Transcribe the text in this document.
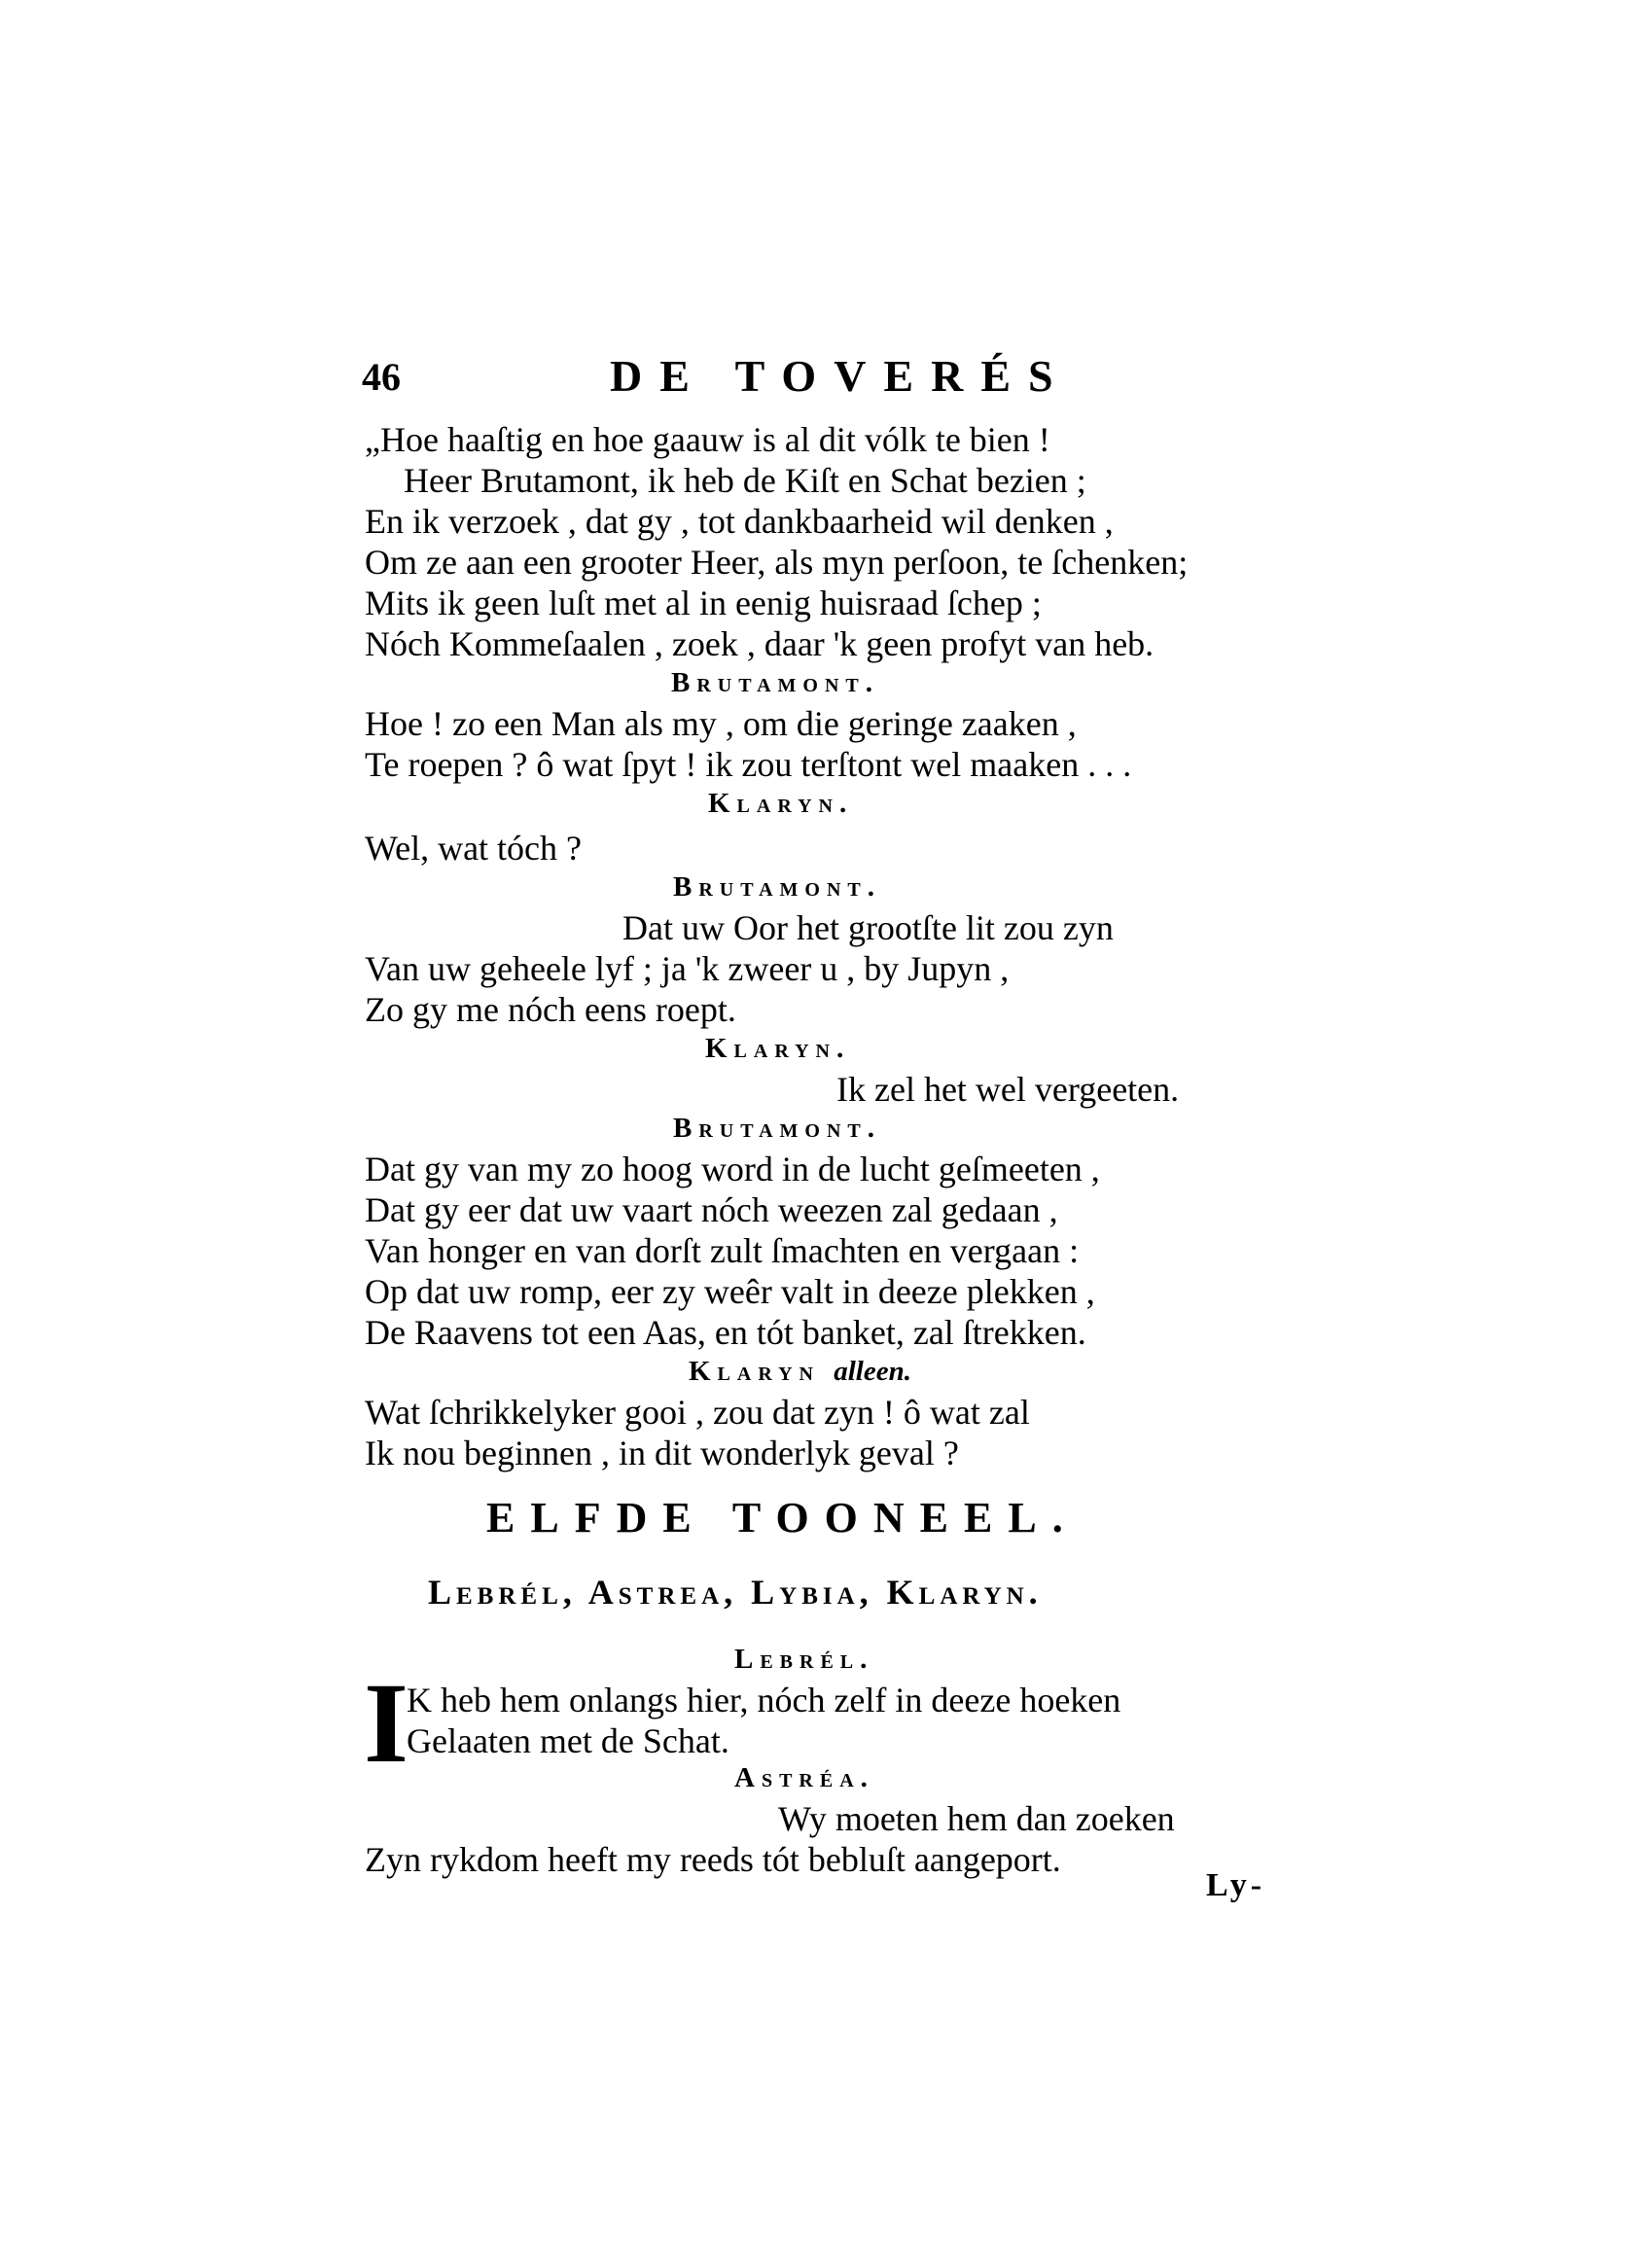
46	DE TOVERÉS
„Hoe haaſtig en hoe gaauw is al dit vólk te bien !
Heer Brutamont, ik heb de Kiſt en Schat bezien ;
En ik verzoek , dat gy , tot dankbaarheid wil denken ,
Om ze aan een grooter Heer, als myn perſoon, te ſchenken;
Mits ik geen luſt met al in eenig huisraad ſchep ;
Nóch Kommeſaalen , zoek , daar 'k geen profyt van heb.
Brutamont.
Hoe ! zo een Man als my , om die geringe zaaken ,
Te roepen ? ô wat ſpyt ! ik zou terſtont wel maaken . . .
Klaryn.
Wel, wat tóch ?
Brutamont.
Dat uw Oor het grootſte lit zou zyn
Van uw geheele lyf ; ja 'k zweer u , by Jupyn ,
Zo gy me nóch eens roept.
Klaryn.
Ik zel het wel vergeeten.
Brutamont.
Dat gy van my zo hoog word in de lucht geſmeeten ,
Dat gy eer dat uw vaart nóch weezen zal gedaan ,
Van honger en van dorſt zult ſmachten en vergaan :
Op dat uw romp, eer zy weêr valt in deeze plekken ,
De Raavens tot een Aas, en tót banket, zal ſtrekken.
Klaryn alleen.
Wat ſchrikkelyker gooi , zou dat zyn ! ô wat zal
Ik nou beginnen , in dit wonderlyk geval ?
ELFDE TOONEEL.
Lebrél, Astrea, Lybia, Klaryn.
Lebrél.
I
K heb hem onlangs hier, nóch zelf in deeze hoeken
Gelaaten met de Schat.
Astréa.
Wy moeten hem dan zoeken
Zyn rykdom heeft my reeds tót bebluſt aangeport.
Ly-
